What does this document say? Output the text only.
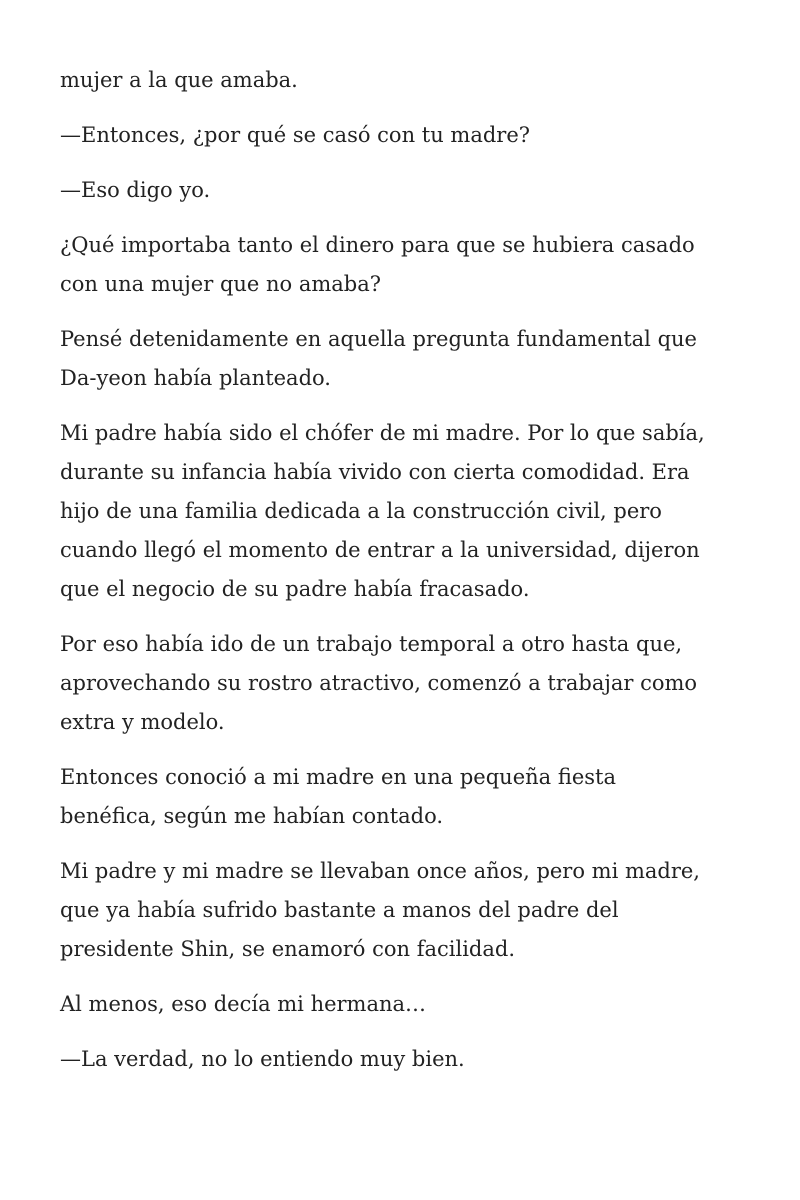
mujer a la que amaba.

—Entonces, ¿por qué se casó con tu madre?

—Eso digo yo.

¿Qué importaba tanto el dinero para que se hubiera casado
con una mujer que no amaba?

Pensé detenidamente en aquella pregunta fundamental que
Da-yeon había planteado.

Mi padre había sido el chófer de mi madre. Por lo que sabía,
durante su infancia había vivido con cierta comodidad. Era
hijo de una familia dedicada a la construcción civil, pero
cuando llegó el momento de entrar a la universidad, dijeron
que el negocio de su padre había fracasado.

Por eso había ido de un trabajo temporal a otro hasta que,
aprovechando su rostro atractivo, comenzó a trabajar como
extra y modelo.

Entonces conoció a mi madre en una pequeña fiesta
benéfica, según me habían contado.

Mi padre y mi madre se llevaban once años, pero mi madre,
que ya había sufrido bastante a manos del padre del
presidente Shin, se enamoró con facilidad.

Al menos, eso decía mi hermana…

—La verdad, no lo entiendo muy bien.
